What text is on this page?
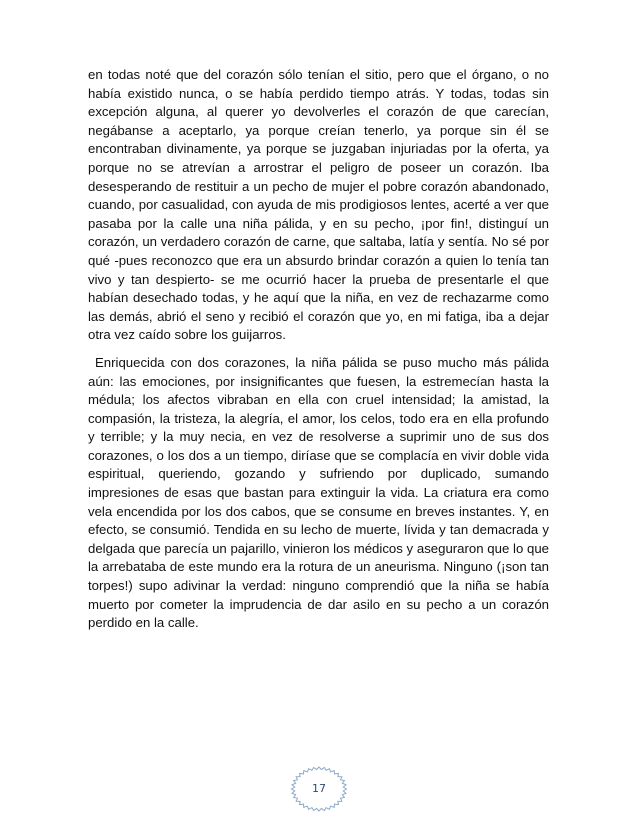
en todas noté que del corazón sólo tenían el sitio, pero que el órgano, o no había existido nunca, o se había perdido tiempo atrás. Y todas, todas sin excepción alguna, al querer yo devolverles el corazón de que carecían, negábanse a aceptarlo, ya porque creían tenerlo, ya porque sin él se encontraban divinamente, ya porque se juzgaban injuriadas por la oferta, ya porque no se atrevían a arrostrar el peligro de poseer un corazón. Iba desesperando de restituir a un pecho de mujer el pobre corazón abandonado, cuando, por casualidad, con ayuda de mis prodigiosos lentes, acerté a ver que pasaba por la calle una niña pálida, y en su pecho, ¡por fin!, distinguí un corazón, un verdadero corazón de carne, que saltaba, latía y sentía. No sé por qué -pues reconozco que era un absurdo brindar corazón a quien lo tenía tan vivo y tan despierto- se me ocurrió hacer la prueba de presentarle el que habían desechado todas, y he aquí que la niña, en vez de rechazarme como las demás, abrió el seno y recibió el corazón que yo, en mi fatiga, iba a dejar otra vez caído sobre los guijarros.

Enriquecida con dos corazones, la niña pálida se puso mucho más pálida aún: las emociones, por insignificantes que fuesen, la estremecían hasta la médula; los afectos vibraban en ella con cruel intensidad; la amistad, la compasión, la tristeza, la alegría, el amor, los celos, todo era en ella profundo y terrible; y la muy necia, en vez de resolverse a suprimir uno de sus dos corazones, o los dos a un tiempo, diríase que se complacía en vivir doble vida espiritual, queriendo, gozando y sufriendo por duplicado, sumando impresiones de esas que bastan para extinguir la vida. La criatura era como vela encendida por los dos cabos, que se consume en breves instantes. Y, en efecto, se consumió. Tendida en su lecho de muerte, lívida y tan demacrada y delgada que parecía un pajarillo, vinieron los médicos y aseguraron que lo que la arrebataba de este mundo era la rotura de un aneurisma. Ninguno (¡son tan torpes!) supo adivinar la verdad: ninguno comprendió que la niña se había muerto por cometer la imprudencia de dar asilo en su pecho a un corazón perdido en la calle.

17
